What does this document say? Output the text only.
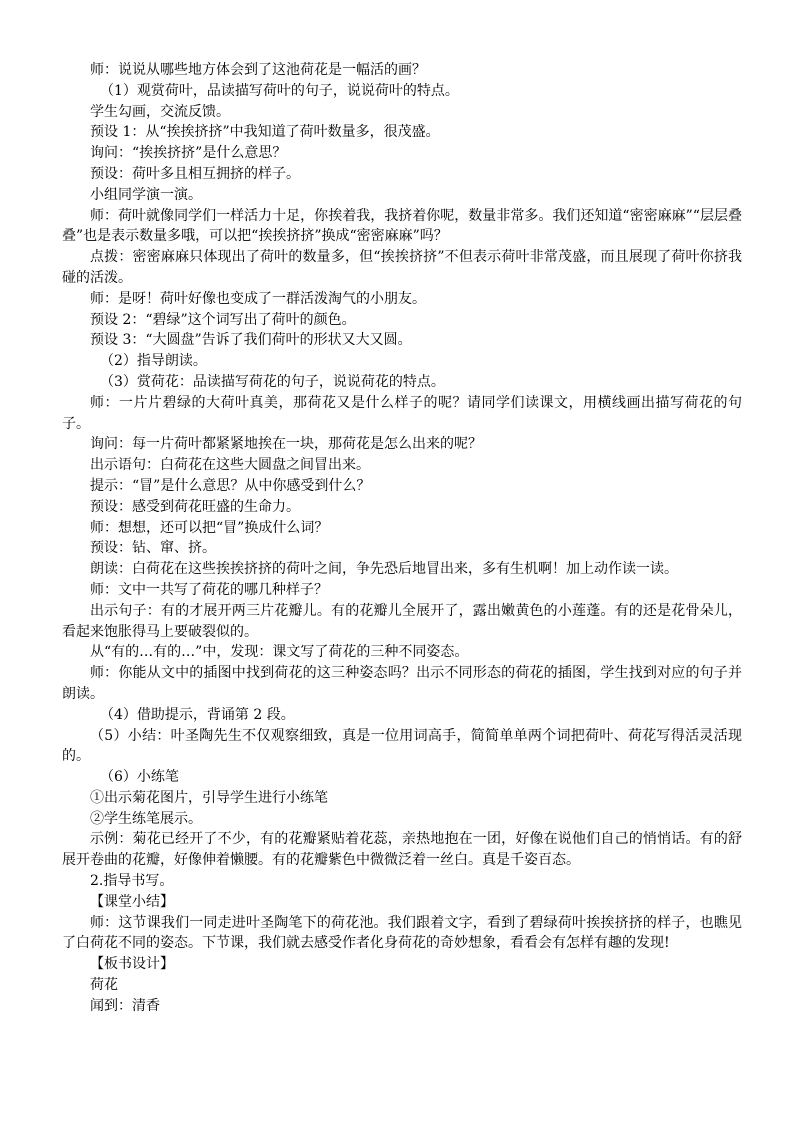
师：说说从哪些地方体会到了这池荷花是一幅活的画？
（1）观赏荷叶，品读描写荷叶的句子，说说荷叶的特点。
学生勾画，交流反馈。
预设 1：从“挨挨挤挤”中我知道了荷叶数量多，很茂盛。
询问：“挨挨挤挤”是什么意思？
预设：荷叶多且相互拥挤的样子。
小组同学演一演。
师：荷叶就像同学们一样活力十足，你挨着我，我挤着你呢，数量非常多。我们还知道“密密麻麻”“层层叠叠”也是表示数量多哦，可以把“挨挨挤挤”换成“密密麻麻”吗？
点拨：密密麻麻只体现出了荷叶的数量多，但“挨挨挤挤”不但表示荷叶非常茂盛，而且展现了荷叶你挤我碰的活泼。
师：是呀！荷叶好像也变成了一群活泼淘气的小朋友。
预设 2：“碧绿”这个词写出了荷叶的颜色。
预设 3：“大圆盘”告诉了我们荷叶的形状又大又圆。
（2）指导朗读。
（3）赏荷花：品读描写荷花的句子，说说荷花的特点。
师：一片片碧绿的大荷叶真美，那荷花又是什么样子的呢？请同学们读课文，用横线画出描写荷花的句子。
询问：每一片荷叶都紧紧地挨在一块，那荷花是怎么出来的呢？
出示语句：白荷花在这些大圆盘之间冒出来。
提示：“冒”是什么意思？从中你感受到什么？
预设：感受到荷花旺盛的生命力。
师：想想，还可以把“冒”换成什么词？
预设：钻、窜、挤。
朗读：白荷花在这些挨挨挤挤的荷叶之间，争先恐后地冒出来，多有生机啊！加上动作读一读。
师：文中一共写了荷花的哪几种样子？
出示句子：有的才展开两三片花瓣儿。有的花瓣儿全展开了，露出嫩黄色的小莲蓬。有的还是花骨朵儿，看起来饱胀得马上要破裂似的。
从“有的…有的…”中，发现：课文写了荷花的三种不同姿态。
师：你能从文中的插图中找到荷花的这三种姿态吗？出示不同形态的荷花的插图，学生找到对应的句子并朗读。
（4）借助提示，背诵第 2 段。
（5）小结：叶圣陶先生不仅观察细致，真是一位用词高手，简简单单两个词把荷叶、荷花写得活灵活现的。
（6）小练笔
①出示菊花图片，引导学生进行小练笔
②学生练笔展示。
示例：菊花已经开了不少，有的花瓣紧贴着花蕊，亲热地抱在一团，好像在说他们自己的悄悄话。有的舒展开卷曲的花瓣，好像伸着懒腰。有的花瓣紫色中微微泛着一丝白。真是千姿百态。
2.指导书写。
【课堂小结】
师：这节课我们一同走进叶圣陶笔下的荷花池。我们跟着文字，看到了碧绿荷叶挨挨挤挤的样子，也瞧见了白荷花不同的姿态。下节课，我们就去感受作者化身荷花的奇妙想象，看看会有怎样有趣的发现!
【板书设计】
荷花
闻到：清香
